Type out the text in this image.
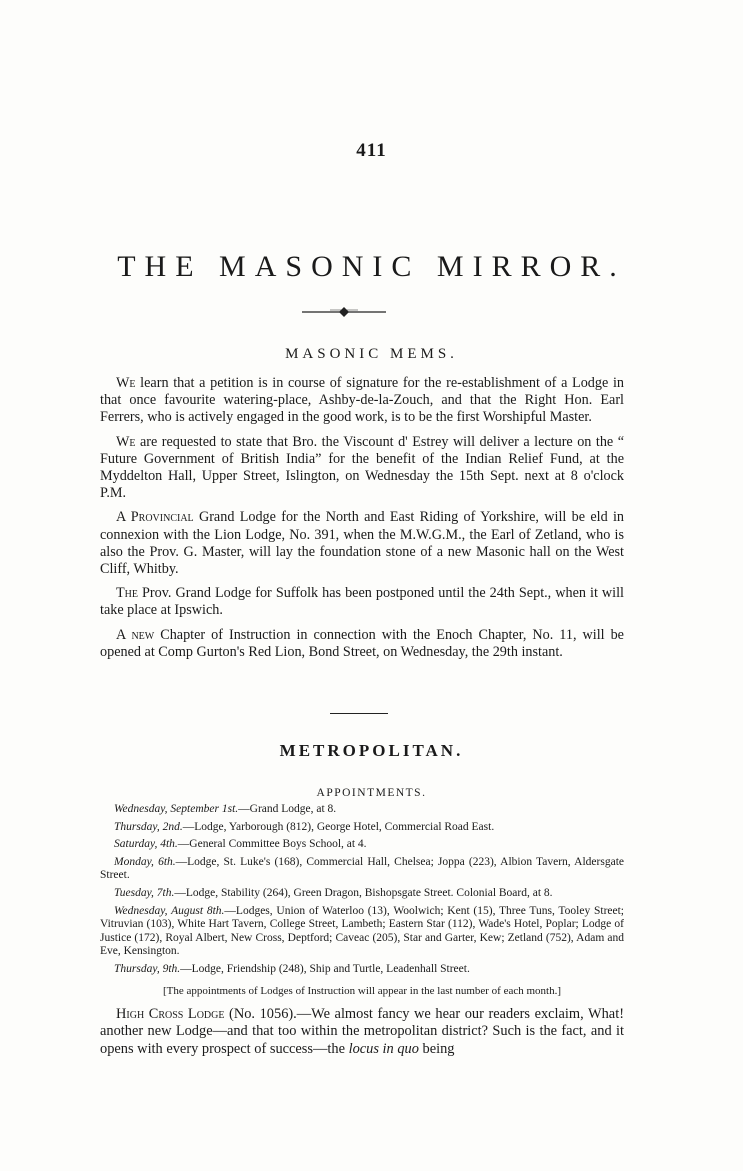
411
THE MASONIC MIRROR.
MASONIC MEMS.

We learn that a petition is in course of signature for the re-establishment of a Lodge in that once favourite watering-place, Ashby-de-la-Zouch, and that the Right Hon. Earl Ferrers, who is actively engaged in the good work, is to be the first Worshipful Master.

We are requested to state that Bro. the Viscount d' Estrey will deliver a lecture on the “ Future Government of British India” for the benefit of the Indian Relief Fund, at the Myddelton Hall, Upper Street, Islington, on Wednesday the 15th Sept. next at 8 o'clock P.M.

A Provincial Grand Lodge for the North and East Riding of Yorkshire, will be eld in connexion with the Lion Lodge, No. 391, when the M.W.G.M., the Earl of Zetland, who is also the Prov. G. Master, will lay the foundation stone of a new Masonic hall on the West Cliff, Whitby.

The Prov. Grand Lodge for Suffolk has been postponed until the 24th Sept., when it will take place at Ipswich.

A new Chapter of Instruction in connection with the Enoch Chapter, No. 11, will be opened at Comp Gurton's Red Lion, Bond Street, on Wednesday, the 29th instant.

METROPOLITAN.
APPOINTMENTS.

Wednesday, September 1st.—Grand Lodge, at 8.

Thursday, 2nd.—Lodge, Yarborough (812), George Hotel, Commercial Road East.

Saturday, 4th.—General Committee Boys School, at 4.

Monday, 6th.—Lodge, St. Luke's (168), Commercial Hall, Chelsea; Joppa (223), Albion Tavern, Aldersgate Street.

Tuesday, 7th.—Lodge, Stability (264), Green Dragon, Bishopsgate Street. Colonial Board, at 8.

Wednesday, August 8th.—Lodges, Union of Waterloo (13), Woolwich; Kent (15), Three Tuns, Tooley Street; Vitruvian (103), White Hart Tavern, College Street, Lambeth; Eastern Star (112), Wade's Hotel, Poplar; Lodge of Justice (172), Royal Albert, New Cross, Deptford; Caveac (205), Star and Garter, Kew; Zetland (752), Adam and Eve, Kensington.

Thursday, 9th.—Lodge, Friendship (248), Ship and Turtle, Leadenhall Street.

[The appointments of Lodges of Instruction will appear in the last number of each month.]

High Cross Lodge (No. 1056).—We almost fancy we hear our readers exclaim, What! another new Lodge—and that too within the metropolitan district? Such is the fact, and it opens with every prospect of success—the locus in quo being
